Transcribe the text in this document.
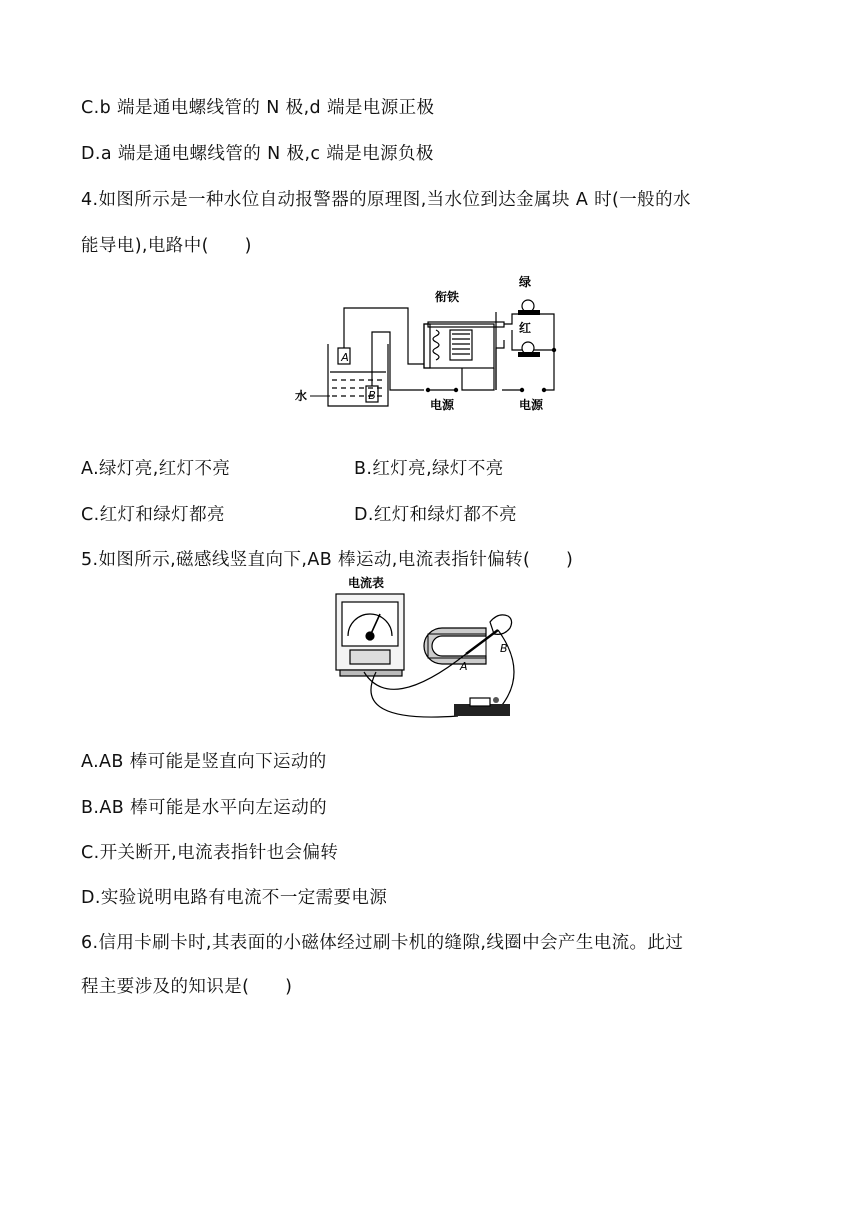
C.b 端是通电螺线管的 N 极,d 端是电源正极
D.a 端是通电螺线管的 N 极,c 端是电源负极
4.如图所示是一种水位自动报警器的原理图,当水位到达金属块 A 时(一般的水
能导电),电路中(　　)
A
B
衔铁
绿
红
水
电源	电源
A.绿灯亮,红灯不亮	B.红灯亮,绿灯不亮
C.红灯和绿灯都亮	D.红灯和绿灯都不亮
5.如图所示,磁感线竖直向下,AB 棒运动,电流表指针偏转(　　)
电流表
A
B
A.AB 棒可能是竖直向下运动的
B.AB 棒可能是水平向左运动的
C.开关断开,电流表指针也会偏转
D.实验说明电路有电流不一定需要电源
6.信用卡刷卡时,其表面的小磁体经过刷卡机的缝隙,线圈中会产生电流。此过
程主要涉及的知识是(　　)
